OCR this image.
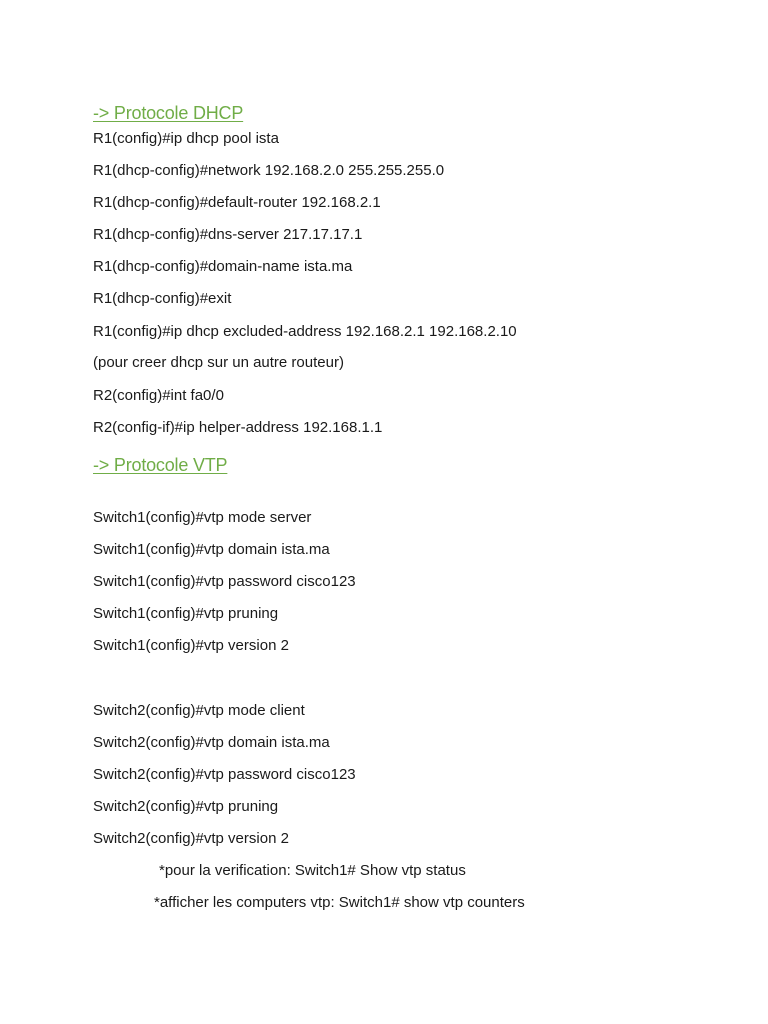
-> Protocole DHCP
R1(config)#ip dhcp pool ista
R1(dhcp-config)#network 192.168.2.0 255.255.255.0
R1(dhcp-config)#default-router 192.168.2.1
R1(dhcp-config)#dns-server 217.17.17.1
R1(dhcp-config)#domain-name ista.ma
R1(dhcp-config)#exit
R1(config)#ip dhcp excluded-address 192.168.2.1 192.168.2.10
(pour creer dhcp sur un autre routeur)
R2(config)#int fa0/0
R2(config-if)#ip helper-address 192.168.1.1
-> Protocole VTP
Switch1(config)#vtp mode server
Switch1(config)#vtp domain ista.ma
Switch1(config)#vtp password cisco123
Switch1(config)#vtp pruning
Switch1(config)#vtp version 2
Switch2(config)#vtp mode client
Switch2(config)#vtp domain ista.ma
Switch2(config)#vtp password cisco123
Switch2(config)#vtp pruning
Switch2(config)#vtp version 2
*pour la verification: Switch1# Show vtp status
*afficher les computers vtp: Switch1# show vtp counters
